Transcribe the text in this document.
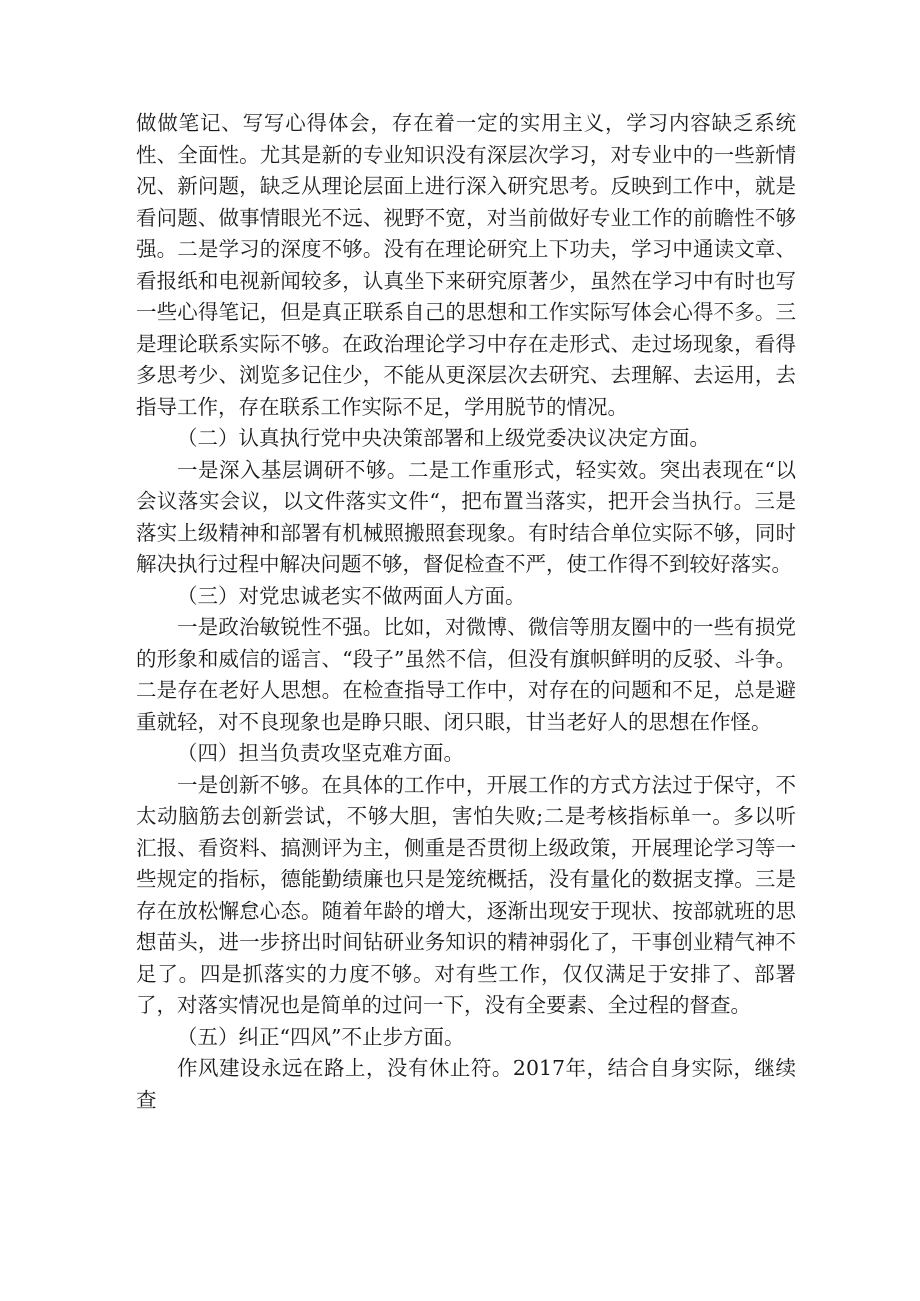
做做笔记、写写心得体会，存在着一定的实用主义，学习内容缺乏系统性、全面性。尤其是新的专业知识没有深层次学习，对专业中的一些新情况、新问题，缺乏从理论层面上进行深入研究思考。反映到工作中，就是看问题、做事情眼光不远、视野不宽，对当前做好专业工作的前瞻性不够强。二是学习的深度不够。没有在理论研究上下功夫，学习中通读文章、看报纸和电视新闻较多，认真坐下来研究原著少，虽然在学习中有时也写一些心得笔记，但是真正联系自己的思想和工作实际写体会心得不多。三是理论联系实际不够。在政治理论学习中存在走形式、走过场现象，看得多思考少、浏览多记住少，不能从更深层次去研究、去理解、去运用，去指导工作，存在联系工作实际不足，学用脱节的情况。

（二）认真执行党中央决策部署和上级党委决议决定方面。

一是深入基层调研不够。二是工作重形式，轻实效。突出表现在“以会议落实会议，以文件落实文件“，把布置当落实，把开会当执行。三是落实上级精神和部署有机械照搬照套现象。有时结合单位实际不够，同时解决执行过程中解决问题不够，督促检查不严，使工作得不到较好落实。

（三）对党忠诚老实不做两面人方面。

一是政治敏锐性不强。比如，对微博、微信等朋友圈中的一些有损党的形象和威信的谣言、“段子”虽然不信，但没有旗帜鲜明的反驳、斗争。二是存在老好人思想。在检查指导工作中，对存在的问题和不足，总是避重就轻，对不良现象也是睁只眼、闭只眼，甘当老好人的思想在作怪。

（四）担当负责攻坚克难方面。

一是创新不够。在具体的工作中，开展工作的方式方法过于保守，不太动脑筋去创新尝试，不够大胆，害怕失败;二是考核指标单一。多以听汇报、看资料、搞测评为主，侧重是否贯彻上级政策，开展理论学习等一些规定的指标，德能勤绩廉也只是笼统概括，没有量化的数据支撑。三是存在放松懈怠心态。随着年龄的增大，逐渐出现安于现状、按部就班的思想苗头，进一步挤出时间钻研业务知识的精神弱化了，干事创业精气神不足了。四是抓落实的力度不够。对有些工作，仅仅满足于安排了、部署了，对落实情况也是简单的过问一下，没有全要素、全过程的督查。

（五）纠正“四风”不止步方面。

作风建设永远在路上，没有休止符。2017年，结合自身实际，继续查
